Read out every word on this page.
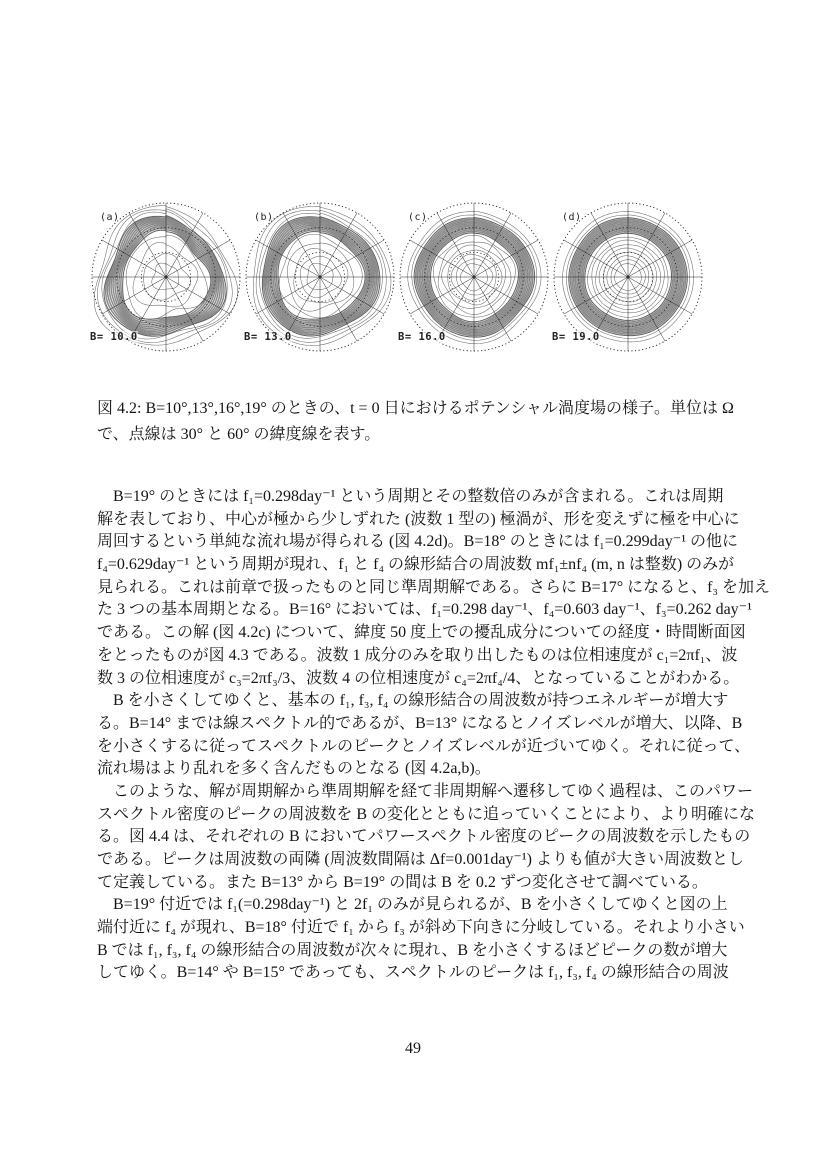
(a)
B= 10.0
(b)
B= 13.0
(c)
B= 16.0
(d)
B= 19.0
図 4.2: B=10°,13°,16°,19° のときの、t = 0 日におけるポテンシャル渦度場の様子。単位は Ω
で、点線は 30° と 60° の緯度線を表す。
　B=19° のときには f₁=0.298day⁻¹ という周期とその整数倍のみが含まれる。これは周期
解を表しており、中心が極から少しずれた (波数 1 型の) 極渦が、形を変えずに極を中心に
周回するという単純な流れ場が得られる (図 4.2d)。B=18° のときには f₁=0.299day⁻¹ の他に
f₄=0.629day⁻¹ という周期が現れ、f₁ と f₄ の線形結合の周波数 mf₁±nf₄ (m, n は整数) のみが
見られる。これは前章で扱ったものと同じ準周期解である。さらに B=17° になると、f₃ を加え
た 3 つの基本周期となる。B=16° においては、f₁=0.298 day⁻¹、f₄=0.603 day⁻¹、f₃=0.262 day⁻¹
である。この解 (図 4.2c) について、緯度 50 度上での擾乱成分についての経度・時間断面図
をとったものが図 4.3 である。波数 1 成分のみを取り出したものは位相速度が c₁=2πf₁、波
数 3 の位相速度が c₃=2πf₃/3、波数 4 の位相速度が c₄=2πf₄/4、となっていることがわかる。
　B を小さくしてゆくと、基本の f₁, f₃, f₄ の線形結合の周波数が持つエネルギーが増大す
る。B=14° までは線スペクトル的であるが、B=13° になるとノイズレベルが増大、以降、B
を小さくするに従ってスペクトルのピークとノイズレベルが近づいてゆく。それに従って、
流れ場はより乱れを多く含んだものとなる (図 4.2a,b)。
　このような、解が周期解から準周期解を経て非周期解へ遷移してゆく過程は、このパワー
スペクトル密度のピークの周波数を B の変化とともに追っていくことにより、より明確にな
る。図 4.4 は、それぞれの B においてパワースペクトル密度のピークの周波数を示したもの
である。ピークは周波数の両隣 (周波数間隔は Δf=0.001day⁻¹) よりも値が大きい周波数とし
て定義している。また B=13° から B=19° の間は B を 0.2 ずつ変化させて調べている。
　B=19° 付近では f₁(=0.298day⁻¹) と 2f₁ のみが見られるが、B を小さくしてゆくと図の上
端付近に f₄ が現れ、B=18° 付近で f₁ から f₃ が斜め下向きに分岐している。それより小さい
B では f₁, f₃, f₄ の線形結合の周波数が次々に現れ、B を小さくするほどピークの数が増大
してゆく。B=14° や B=15° であっても、スペクトルのピークは f₁, f₃, f₄ の線形結合の周波
49
